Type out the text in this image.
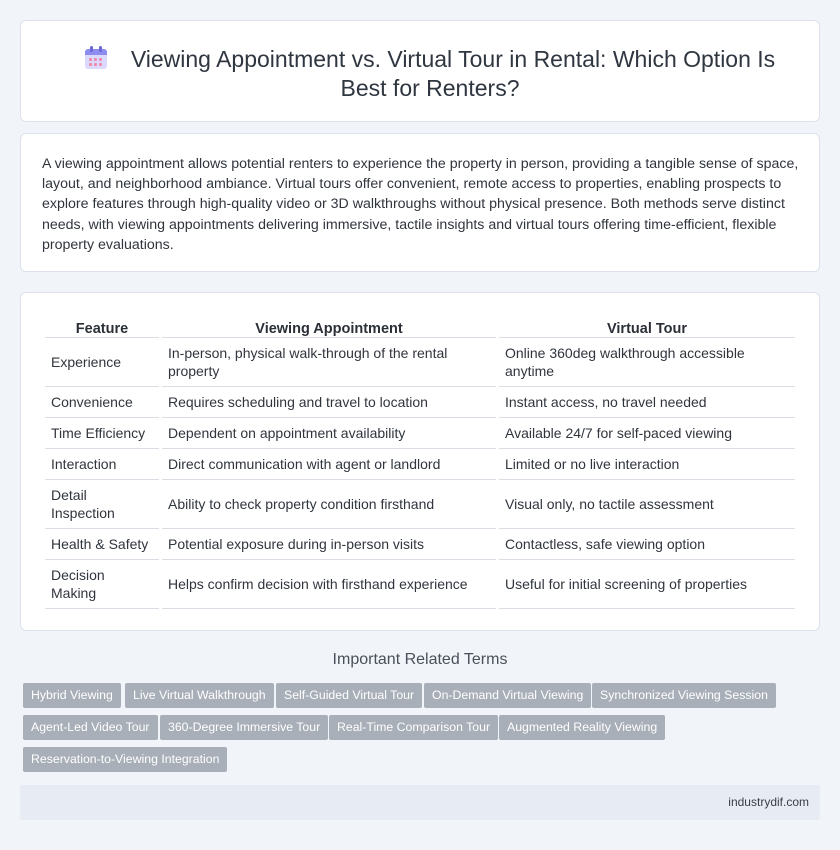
Viewing Appointment vs. Virtual Tour in Rental: Which Option Is Best for Renters?

A viewing appointment allows potential renters to experience the property in person, providing a tangible sense of space, layout, and neighborhood ambiance. Virtual tours offer convenient, remote access to properties, enabling prospects to explore features through high-quality video or 3D walkthroughs without physical presence. Both methods serve distinct needs, with viewing appointments delivering immersive, tactile insights and virtual tours offering time-efficient, flexible property evaluations.

Feature	Viewing Appointment	Virtual Tour
Experience	In-person, physical walk-through of the rental property	Online 360deg walkthrough accessible anytime
Convenience	Requires scheduling and travel to location	Instant access, no travel needed
Time Efficiency	Dependent on appointment availability	Available 24/7 for self-paced viewing
Interaction	Direct communication with agent or landlord	Limited or no live interaction
Detail Inspection	Ability to check property condition firsthand	Visual only, no tactile assessment
Health & Safety	Potential exposure during in-person visits	Contactless, safe viewing option
Decision Making	Helps confirm decision with firsthand experience	Useful for initial screening of properties
Important Related Terms
Hybrid Viewing	Live Virtual Walkthrough	Self-Guided Virtual Tour	On-Demand Virtual Viewing	Synchronized Viewing Session
Agent-Led Video Tour	360-Degree Immersive Tour	Real-Time Comparison Tour	Augmented Reality Viewing
Reservation-to-Viewing Integration
industrydif.com
